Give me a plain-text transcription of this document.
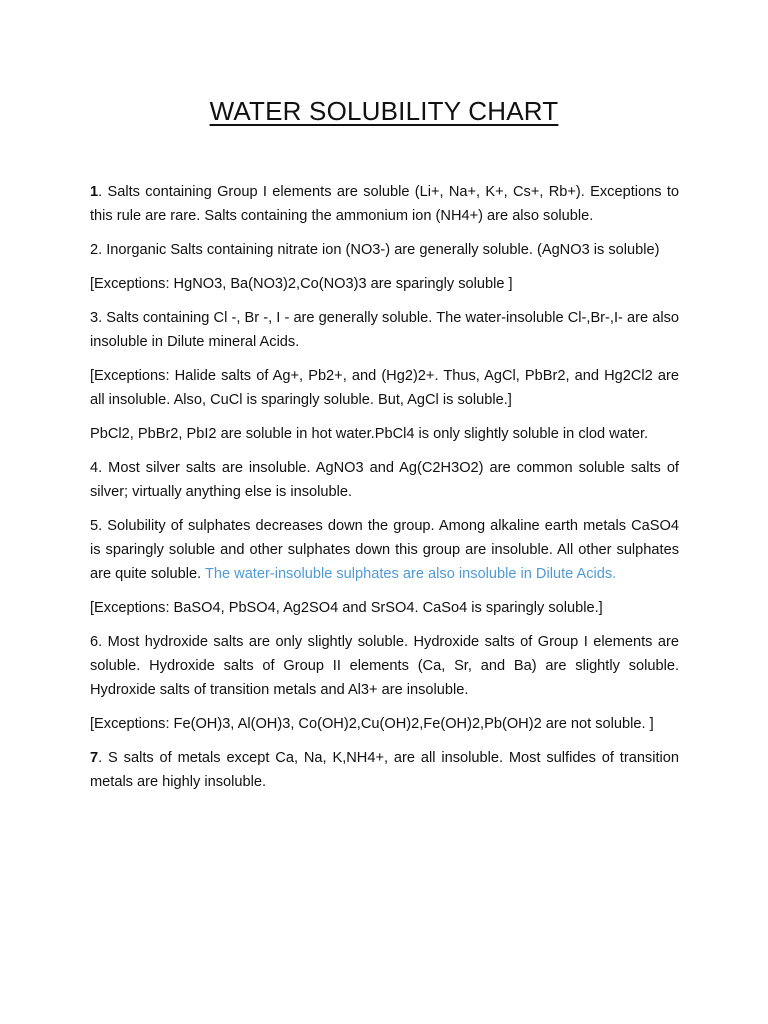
WATER SOLUBILITY CHART

1. Salts containing Group I elements are soluble (Li+, Na+, K+, Cs+, Rb+). Exceptions to this rule are rare. Salts containing the ammonium ion (NH4+) are also soluble.

2. Inorganic Salts containing nitrate ion (NO3-) are generally soluble. (AgNO3 is soluble)

[Exceptions: HgNO3, Ba(NO3)2,Co(NO3)3 are sparingly soluble ]

3. Salts containing Cl -, Br -, I - are generally soluble. The water-insoluble Cl-,Br-,I- are also insoluble in Dilute mineral Acids.

[Exceptions: Halide salts of Ag+, Pb2+, and (Hg2)2+. Thus, AgCl, PbBr2, and Hg2Cl2 are all insoluble. Also, CuCl is sparingly soluble. But, AgCl is soluble.]

PbCl2, PbBr2, PbI2 are soluble in hot water.PbCl4 is only slightly soluble in clod water.

4. Most silver salts are insoluble. AgNO3 and Ag(C2H3O2) are common soluble salts of silver; virtually anything else is insoluble.

5. Solubility of sulphates decreases down the group. Among alkaline earth metals CaSO4 is sparingly soluble and other sulphates down this group are insoluble. All other sulphates are quite soluble. The water-insoluble sulphates are also insoluble in Dilute Acids.

[Exceptions: BaSO4, PbSO4, Ag2SO4 and SrSO4. CaSo4 is sparingly soluble.]

6. Most hydroxide salts are only slightly soluble. Hydroxide salts of Group I elements are soluble. Hydroxide salts of Group II elements (Ca, Sr, and Ba) are slightly soluble. Hydroxide salts of transition metals and Al3+ are insoluble.

[Exceptions: Fe(OH)3, Al(OH)3, Co(OH)2,Cu(OH)2,Fe(OH)2,Pb(OH)2 are not soluble. ]

7. S salts of metals except Ca, Na, K,NH4+, are all insoluble. Most sulfides of transition metals are highly insoluble.
